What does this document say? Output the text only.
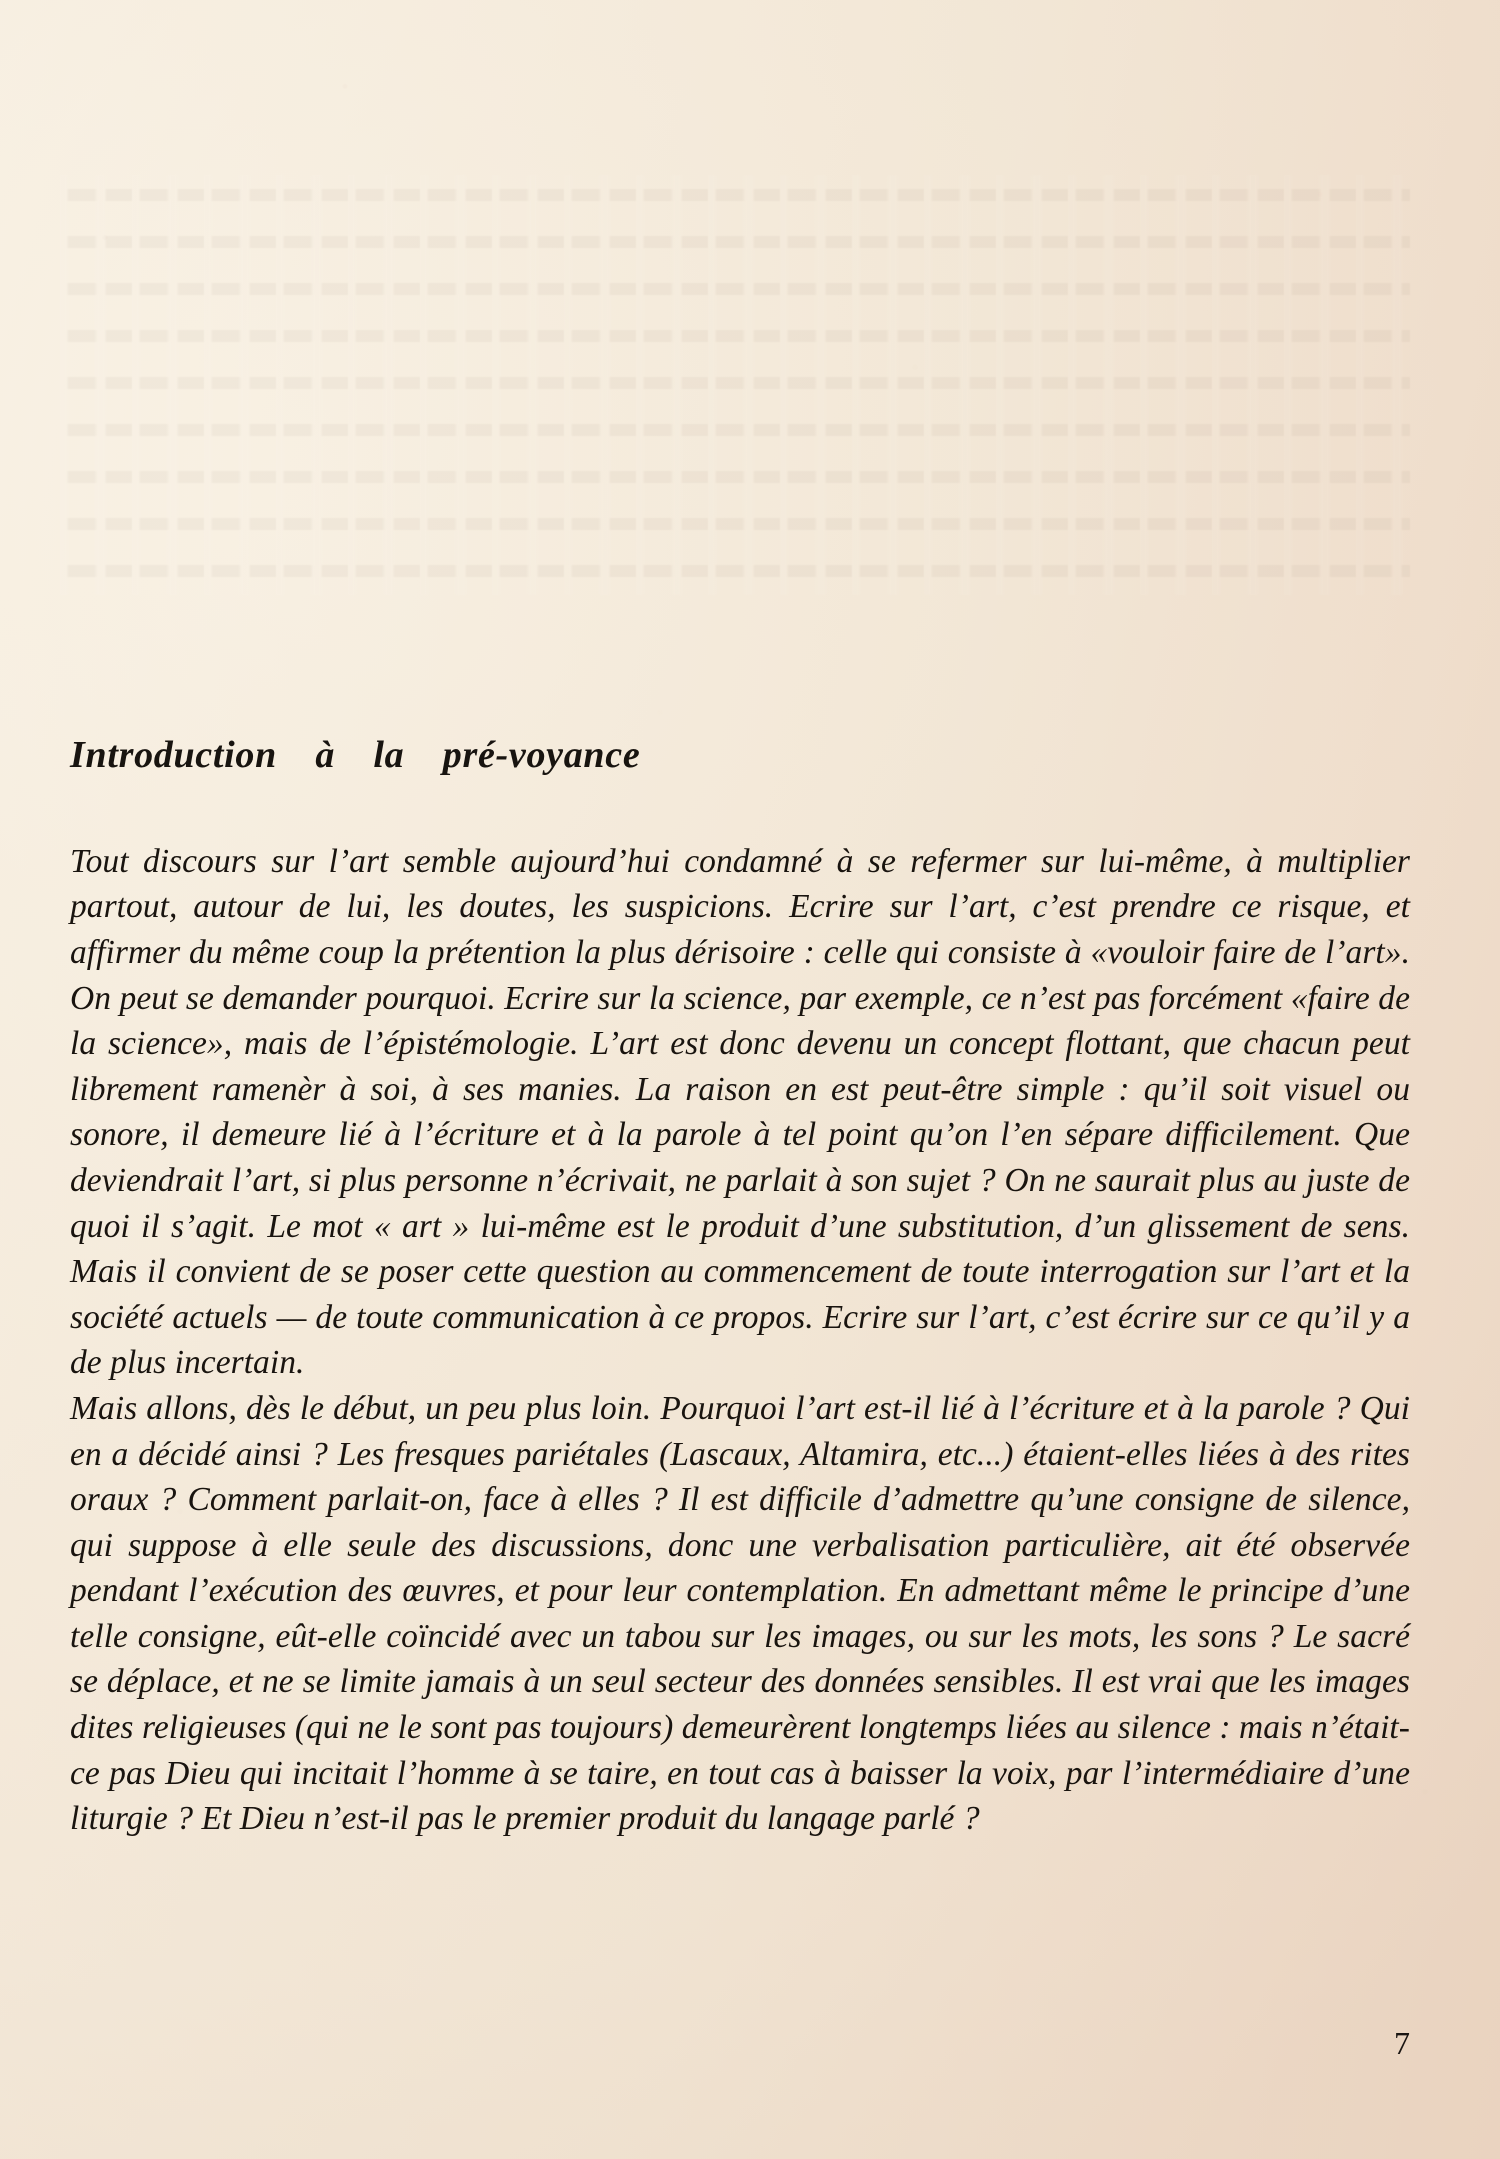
Introduction  à  la  pré-voyance

Tout discours sur l’art semble aujourd’hui condamné à se refermer sur lui-même, à multiplier partout, autour de lui, les doutes, les suspicions. Ecrire sur l’art, c’est prendre ce risque, et affirmer du même coup la prétention la plus dérisoire : celle qui consiste à «vouloir faire de l’art». On peut se demander pourquoi. Ecrire sur la science, par exemple, ce n’est pas forcément «faire de la science», mais de l’épistémologie. L’art est donc devenu un concept flottant, que chacun peut librement ramenèr à soi, à ses manies. La raison en est peut-être simple : qu’il soit visuel ou sonore, il demeure lié à l’écriture et à la parole à tel point qu’on l’en sépare difficilement. Que deviendrait l’art, si plus personne n’écrivait, ne parlait à son sujet ? On ne saurait plus au juste de quoi il s’agit. Le mot « art » lui-même est le produit d’une substitution, d’un glissement de sens. Mais il convient de se poser cette question au commencement de toute interrogation sur l’art et la société actuels — de toute communication à ce propos. Ecrire sur l’art, c’est écrire sur ce qu’il y a de plus incertain.

Mais allons, dès le début, un peu plus loin. Pourquoi l’art est-il lié à l’écriture et à la parole ? Qui en a décidé ainsi ? Les fresques pariétales (Lascaux, Altamira, etc...) étaient-elles liées à des rites oraux ? Comment parlait-on, face à elles ? Il est difficile d’admettre qu’une consigne de silence, qui suppose à elle seule des discussions, donc une verbalisation particulière, ait été observée pendant l’exécution des œuvres, et pour leur contemplation. En admettant même le principe d’une telle consigne, eût-elle coïncidé avec un tabou sur les images, ou sur les mots, les sons ? Le sacré se déplace, et ne se limite jamais à un seul secteur des données sensibles. Il est vrai que les images dites religieuses (qui ne le sont pas toujours) demeurèrent longtemps liées au silence : mais n’était-ce pas Dieu qui incitait l’homme à se taire, en tout cas à baisser la voix, par l’intermédiaire d’une liturgie ? Et Dieu n’est-il pas le premier produit du langage parlé ?

7
